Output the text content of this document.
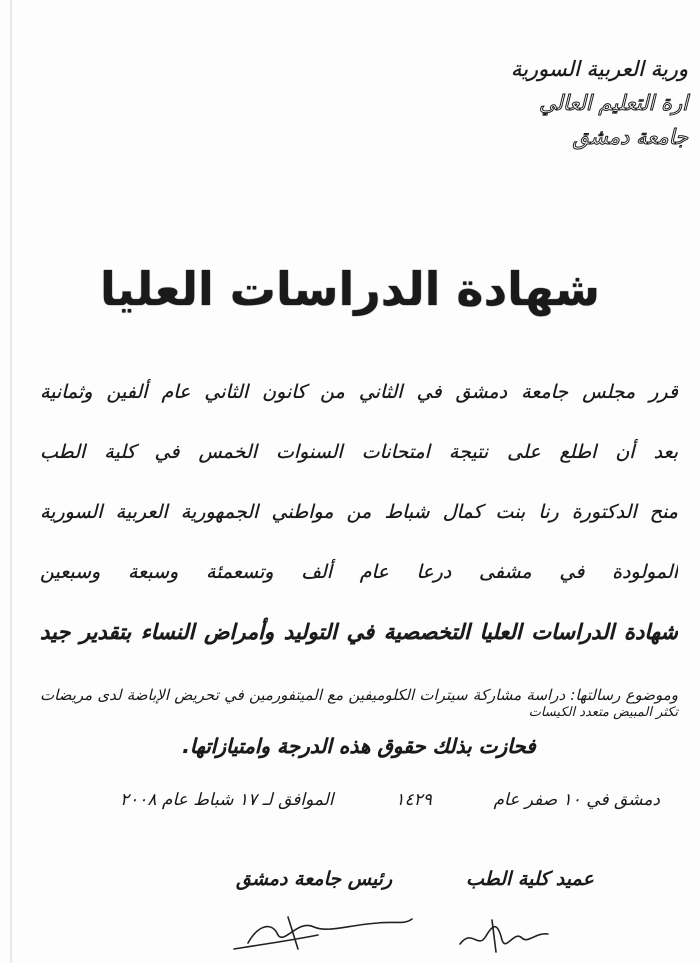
ورية العربية السورية
ارة التعليم العالي
جامعة دمشق
شهادة الدراسات العليا
قرر مجلس جامعة دمشق في الثاني من كانون الثاني عام ألفين وثمانية
بعد أن اطلع على نتيجة امتحانات السنوات الخمس في كلية الطب
منح الدكتورة رنا بنت كمال شباط من مواطني الجمهورية العربية السورية
المولودة في مشفى درعا عام ألف وتسعمئة وسبعة وسبعين
شهادة الدراسات العليا التخصصية في التوليد وأمراض النساء بتقدير جيد
وموضوع رسالتها: دراسة مشاركة سيترات الكلوميفين مع الميتفورمين في تحريض الإباضة لدى مريضات
تكثر المبيض متعدد الكيسات
فحازت بذلك حقوق هذه الدرجة وامتيازاتها.
دمشق في ١٠ صفر عام
١٤٢٩
الموافق لـ ١٧ شباط عام ٢٠٠٨
عميد كلية الطب
رئيس جامعة دمشق
